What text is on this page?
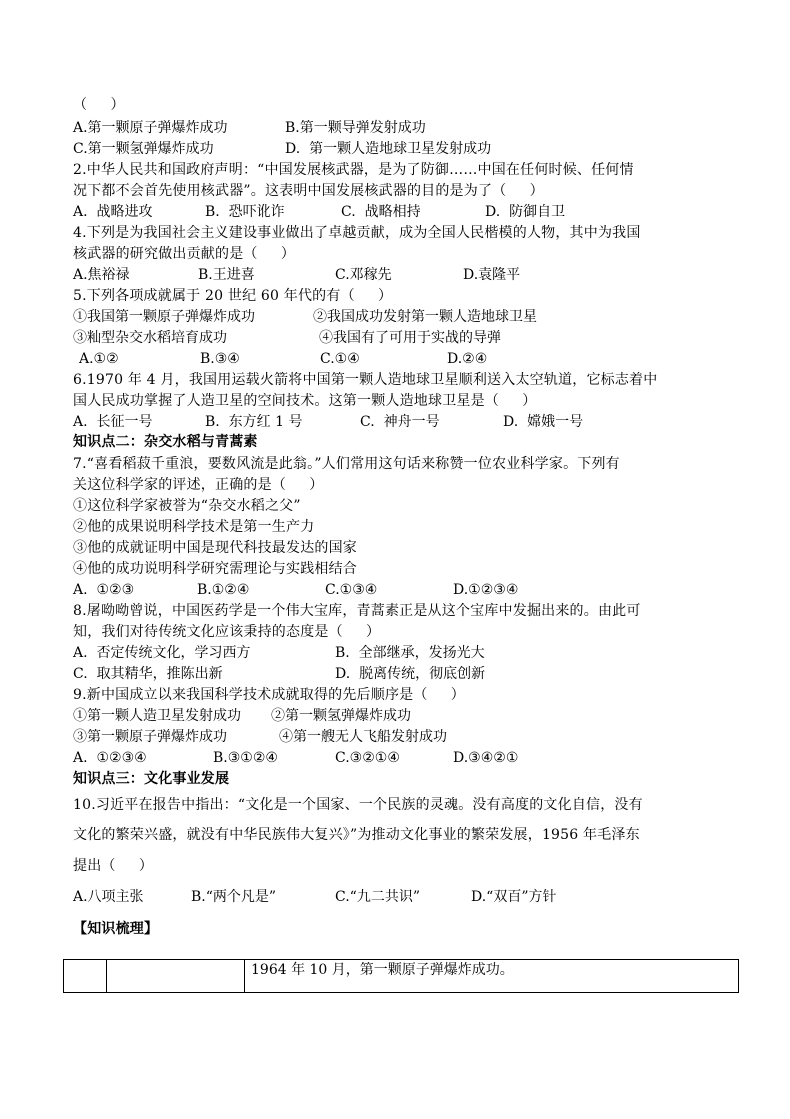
（     ）
A.第一颗原子弹爆炸成功	B.第一颗导弹发射成功
C.第一颗氢弹爆炸成功	D.  第一颗人造地球卫星发射成功
2.中华人民共和国政府声明：“中国发展核武器，是为了防御……中国在任何时候、任何情
况下都不会首先使用核武器”。这表明中国发展核武器的目的是为了（     ）
A.  战略进攻	B.  恐吓讹诈	C.  战略相持	D.  防御自卫
4.下列是为我国社会主义建设事业做出了卓越贡献，成为全国人民楷模的人物，其中为我国
核武器的研究做出贡献的是（     ）
A.焦裕禄	B.王进喜	C.邓稼先	D.袁隆平
5.下列各项成就属于 20 世纪 60 年代的有（     ）
①我国第一颗原子弹爆炸成功	②我国成功发射第一颗人造地球卫星
③籼型杂交水稻培育成功	④我国有了可用于实战的导弹
A.①②	B.③④	C.①④	D.②④
6.1970 年 4 月，我国用运载火箭将中国第一颗人造地球卫星顺利送入太空轨道，它标志着中
国人民成功掌握了人造卫星的空间技术。这第一颗人造地球卫星是（     ）
A.  长征一号	B.  东方红 1 号	C.  神舟一号	D.  嫦娥一号
知识点二：杂交水稻与青蒿素
7.“喜看稻菽千重浪，要数风流是此翁。”人们常用这句话来称赞一位农业科学家。下列有
关这位科学家的评述，正确的是（     ）
①这位科学家被誉为“杂交水稻之父”
②他的成果说明科学技术是第一生产力
③他的成就证明中国是现代科技最发达的国家
④他的成功说明科学研究需理论与实践相结合
A.  ①②③	B.①②④	C.①③④	D.①②③④
8.屠呦呦曾说，中国医药学是一个伟大宝库，青蒿素正是从这个宝库中发掘出来的。由此可
知，我们对待传统文化应该秉持的态度是（     ）
A.  否定传统文化，学习西方	B.  全部继承，发扬光大
C.  取其精华，推陈出新	D.  脱离传统，彻底创新
9.新中国成立以来我国科学技术成就取得的先后顺序是（     ）
①第一颗人造卫星发射成功 ②第一颗氢弹爆炸成功
③第一颗原子弹爆炸成功	④第一艘无人飞船发射成功
A.  ①②③④	B.③①②④	C.③②①④	D.③④②①
知识点三：文化事业发展
10.习近平在报告中指出：“文化是一个国家、一个民族的灵魂。没有高度的文化自信，没有
文化的繁荣兴盛，就没有中华民族伟大复兴》”为推动文化事业的繁荣发展，1956 年毛泽东
提出（     ）
A.八项主张	B.“两个凡是”	C.“九二共识”	D.“双百”方针
【知识梳理】
		1964 年 10 月，第一颗原子弹爆炸成功。
